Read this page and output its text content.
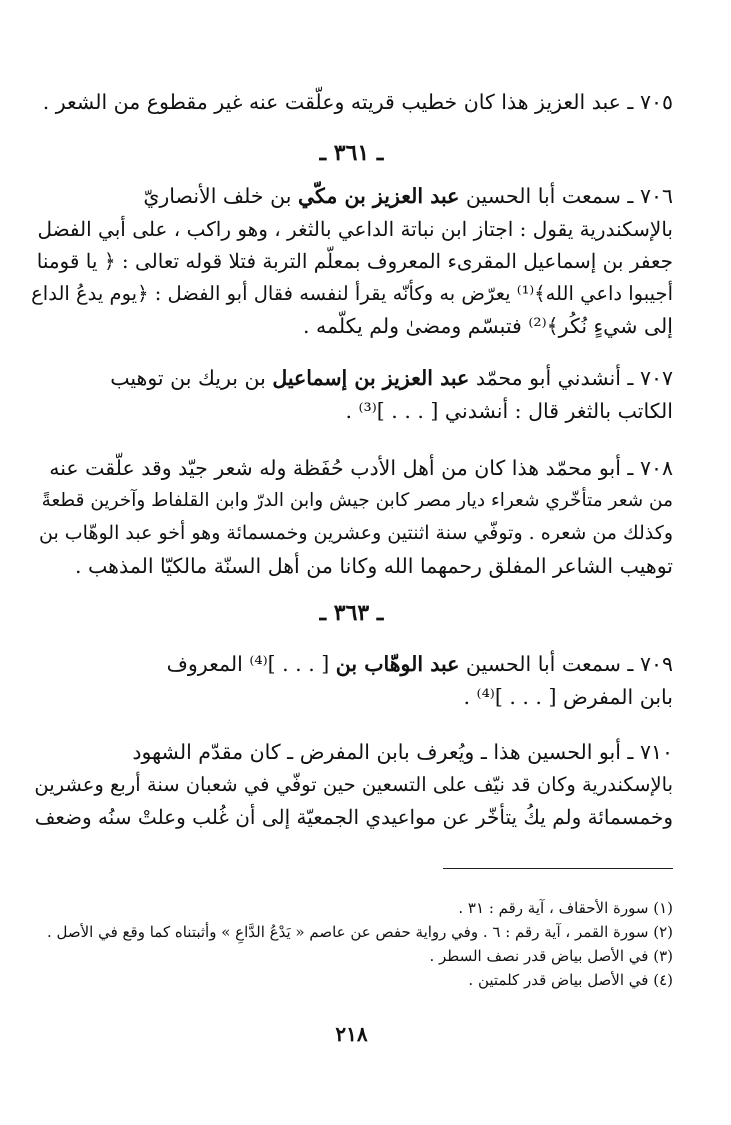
٧٠٥ ـ عبد العزيز هذا كان خطيب قريته وعلّقت عنه غير مقطوع من الشعر .
ـ ٣٦١ ـ
٧٠٦ ـ سمعت أبا الحسين عبد العزيز بن مكّي بن خلف الأنصاريّ
بالإسكندرية يقول : اجتاز ابن نباتة الداعي بالثغر ، وهو راكب ، على أبي الفضل
جعفر بن إسماعيل المقرىء المعروف بمعلّم التربة فتلا قوله تعالى : ﴿ يا قومنا
أجيبوا داعي الله﴾⁽¹⁾ يعرّض به وكأنّه يقرأ لنفسه فقال أبو الفضل : ﴿يوم يدعُ الداع
إلى شيءٍ نُكُر﴾⁽²⁾ فتبسّم ومضىٰ ولم يكلّمه .
٧٠٧ ـ أنشدني أبو محمّد عبد العزيز بن إسماعيل بن بريك بن توهيب
الكاتب بالثغر قال : أنشدني [ . . . ]⁽³⁾ .
٧٠٨ ـ أبو محمّد هذا كان من أهل الأدب حُفَظة وله شعر جيّد وقد علّقت عنه
من شعر متأخّري شعراء ديار مصر كابن جيش وابن الدرّ وابن القلفاط وآخرين قطعةً
وكذلك من شعره . وتوفّي سنة اثنتين وعشرين وخمسمائة وهو أخو عبد الوهّاب بن
توهيب الشاعر المفلق رحمهما الله وكانا من أهل السنّة مالكيّا المذهب .
ـ ٣٦٣ ـ
٧٠٩ ـ سمعت أبا الحسين عبد الوهّاب بن [ . . . ]⁽⁴⁾ المعروف
بابن المفرض [ . . . ]⁽⁴⁾ .
٧١٠ ـ أبو الحسين هذا ـ ويُعرف بابن المفرض ـ كان مقدّم الشهود
بالإسكندرية وكان قد نيّف على التسعين حين توفّي في شعبان سنة أربع وعشرين
وخمسمائة ولم يكُ يتأخّر عن مواعيدي الجمعيّة إلى أن غُلب وعلتْ سنُه وضعف
(١) سورة الأحقاف ، آية رقم : ٣١ .
(٢) سورة القمر ، آية رقم : ٦ . وفي رواية حفص عن عاصم « يَدْعُ الدَّاعِ » وأثبتناه كما وقع في الأصل .
(٣) في الأصل بياض قدر نصف السطر .
(٤) في الأصل بياض قدر كلمتين .
٢١٨
